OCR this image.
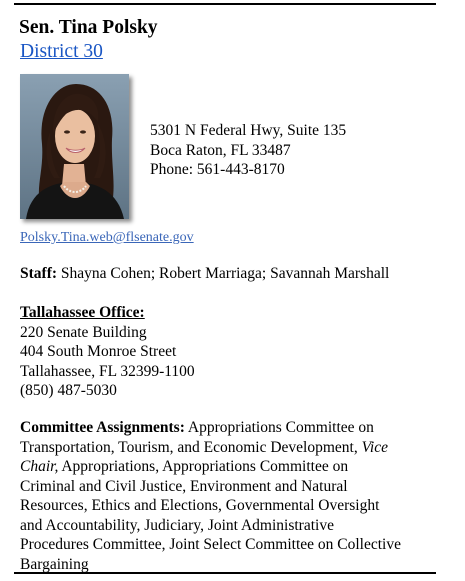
Sen. Tina Polsky
District 30
5301 N Federal Hwy, Suite 135
Boca Raton, FL 33487
Phone: 561-443-8170
Polsky.Tina.web@flsenate.gov
Staff: Shayna Cohen; Robert Marriaga; Savannah Marshall
Tallahassee Office:
220 Senate Building
404 South Monroe Street
Tallahassee, FL 32399-1100
(850) 487-5030
Committee Assignments: Appropriations Committee on
Transportation, Tourism, and Economic Development, Vice
Chair, Appropriations, Appropriations Committee on
Criminal and Civil Justice, Environment and Natural
Resources, Ethics and Elections, Governmental Oversight
and Accountability, Judiciary, Joint Administrative
Procedures Committee, Joint Select Committee on Collective
Bargaining
